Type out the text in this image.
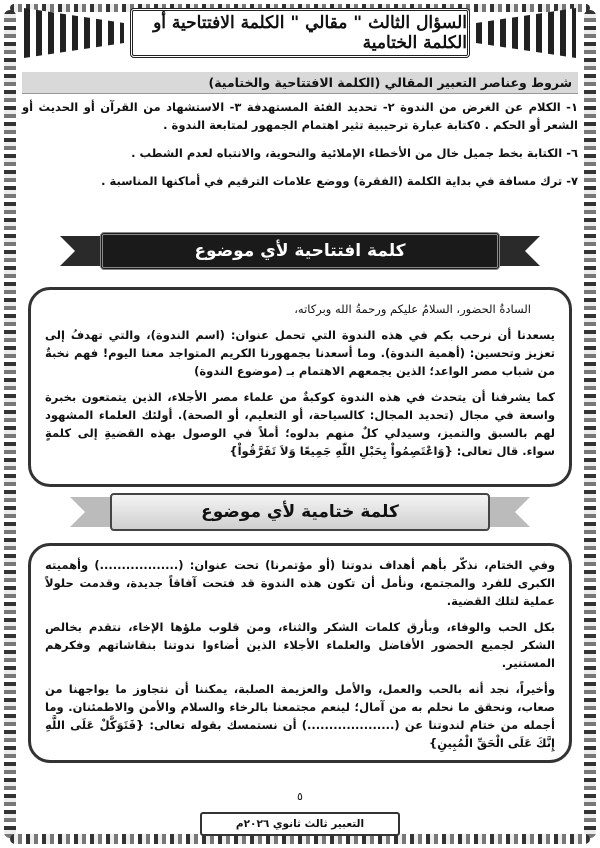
السؤال الثالث " مقالي " الكلمة الافتتاحية أو الكلمة الختامية
شروط وعناصر التعبير المقالي (الكلمة الافتتاحية والختامية)

١- الكلام عن الغرض من الندوة ٢- تحديد الفئة المستهدفة ٣- الاستشهاد من القرآن أو الحديث أو الشعر أو الحكم . ٥كتابة عبارة ترحيبية تثير اهتمام الجمهور لمتابعة الندوة .

٦- الكتابة بخط جميل خال من الأخطاء الإملائية والنحوية، والانتباه لعدم الشطب .

٧- ترك مسافة في بداية الكلمة (الفقرة) ووضع علامات الترقيم في أماكنها المناسبة .

كلمة افتتاحية لأي موضوع

السادةُ الحضور، السلامُ عليكم ورحمةُ الله وبركاته،

يسعدنا أن نرحب بكم في هذه الندوة التي تحمل عنوان: (اسم الندوة)، والتي تهدفُ إلى تعزيز وتحسين: (أهمية الندوة). وما أسعدنا بجمهورنا الكريم المتواجد معنا اليوم! فهم نخبةٌ من شباب مصر الواعد؛ الذين يجمعهم الاهتمام بـ (موضوع الندوة)

كما يشرفنا أن يتحدث في هذه الندوة كوكبةٌ من علماء مصر الأجلاء، الذين يتمتعون بخبرة واسعة في مجال (تحديد المجال: كالسياحة، أو التعليم، أو الصحة). أولئك العلماء المشهود لهم بالسبق والتميز، وسيدلي كلٌ منهم بدلوه؛ أملاً في الوصول بهذه القضيةِ إلى كلمةٍ سواء. قال تعالى: {وَاعْتَصِمُواْ بِحَبْلِ اللّهِ جَمِيعًا وَلاَ تَفَرَّقُواْ}

كلمة ختامية لأي موضوع

وفي الختام، نذكّر بأهم أهداف ندوتنا (أو مؤتمرنا) تحت عنوان: (..................) وأهميته الكبرى للفرد والمجتمع، ونأمل أن تكون هذه الندوة قد فتحت آفاقاً جديدة، وقدمت حلولاً عملية لتلك القضية.

بكل الحب والوفاء، وبأرق كلمات الشكر والثناء، ومن قلوب ملؤها الإخاء، نتقدم بخالص الشكر لجميع الحضور الأفاضل والعلماء الأجلاء الذين أضاءوا ندوتنا بنقاشاتهم وفكرهم المستنير.

وأخيراً، نجد أنه بالحب والعمل، والأمل والعزيمة الصلبة، يمكننا أن نتجاوز ما يواجهنا من صعاب، ونحقق ما نحلم به من آمال؛ لينعم مجتمعنا بالرخاء والسلام والأمن والاطمئنان. وما أجمله من ختام لندوتنا عن (....................) أن نستمسك بقوله تعالى: {فَتَوَكَّلْ عَلَى اللَّهِ إِنَّكَ عَلَى الْحَقِّ الْمُبِينِ}

٥
التعبير ثالث ثانوي ٢٠٢٦م
